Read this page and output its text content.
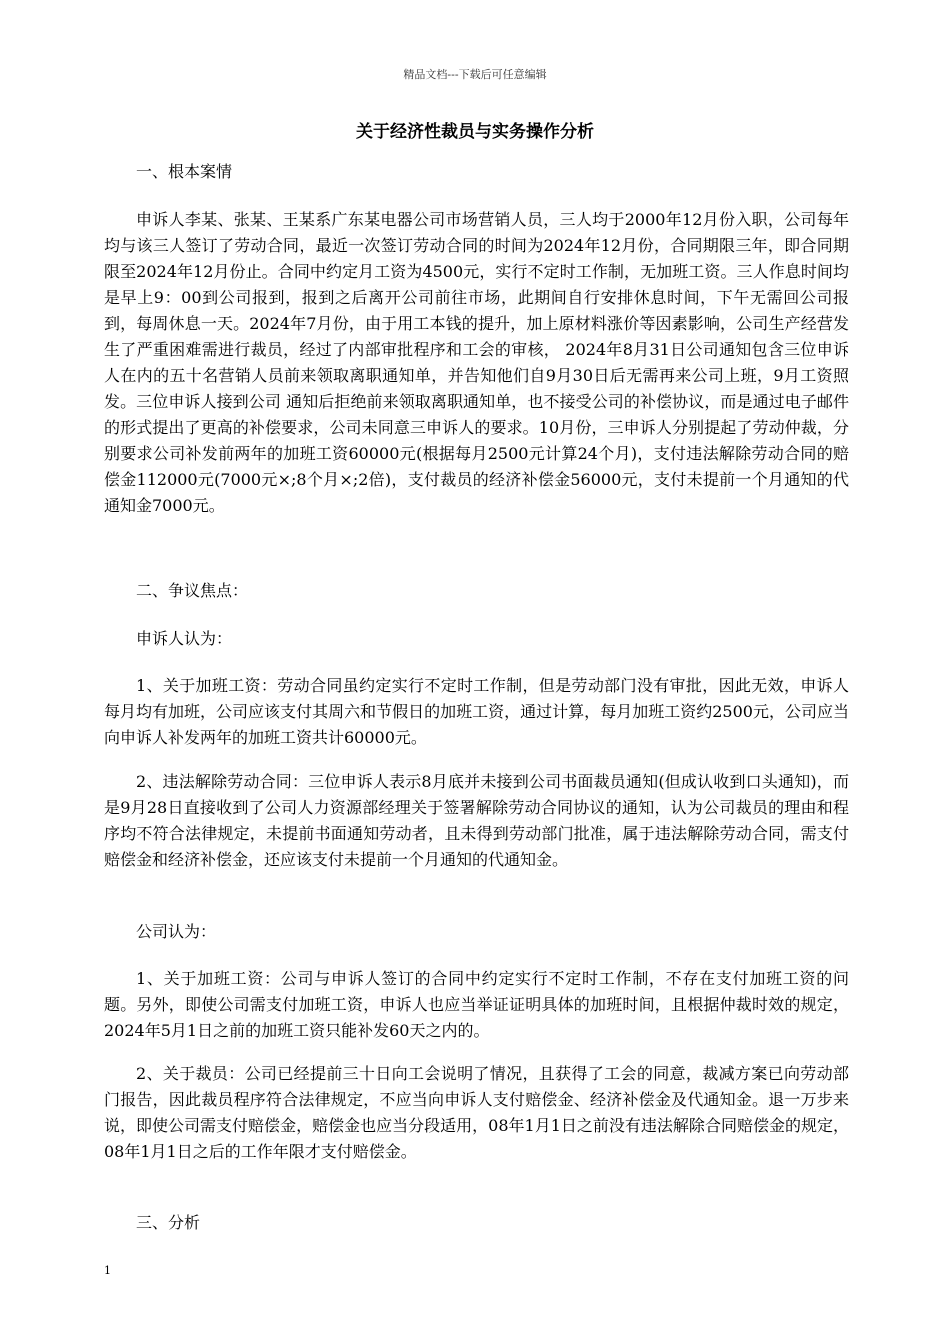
精品文档---下载后可任意编辑
关于经济性裁员与实务操作分析

一、根本案情

申诉人李某、张某、王某系广东某电器公司市场营销人员，三人均于2000年12月份入职，公司每年均与该三人签订了劳动合同，最近一次签订劳动合同的时间为2024年12月份，合同期限三年，即合同期限至2024年12月份止。合同中约定月工资为4500元，实行不定时工作制，无加班工资。三人作息时间均是早上9：00到公司报到，报到之后离开公司前往市场，此期间自行安排休息时间，下午无需回公司报到，每周休息一天。2024年7月份，由于用工本钱的提升，加上原材料涨价等因素影响，公司生产经营发生了严重困难需进行裁员，经过了内部审批程序和工会的审核， 2024年8月31日公司通知包含三位申诉人在内的五十名营销人员前来领取离职通知单，并告知他们自9月30日后无需再来公司上班，9月工资照发。三位申诉人接到公司 通知后拒绝前来领取离职通知单，也不接受公司的补偿协议，而是通过电子邮件的形式提出了更高的补偿要求，公司未同意三申诉人的要求。10月份，三申诉人分别提起了劳动仲裁，分别要求公司补发前两年的加班工资60000元(根据每月2500元计算24个月)，支付违法解除劳动合同的赔偿金112000元(7000元×;8个月×;2倍)，支付裁员的经济补偿金56000元，支付未提前一个月通知的代通知金7000元。

二、争议焦点：

申诉人认为：

1、关于加班工资：劳动合同虽约定实行不定时工作制，但是劳动部门没有审批，因此无效，申诉人每月均有加班，公司应该支付其周六和节假日的加班工资，通过计算，每月加班工资约2500元，公司应当向申诉人补发两年的加班工资共计60000元。

2、违法解除劳动合同：三位申诉人表示8月底并未接到公司书面裁员通知(但成认收到口头通知)，而是9月28日直接收到了公司人力资源部经理关于签署解除劳动合同协议的通知，认为公司裁员的理由和程序均不符合法律规定，未提前书面通知劳动者，且未得到劳动部门批准，属于违法解除劳动合同，需支付赔偿金和经济补偿金，还应该支付未提前一个月通知的代通知金。

公司认为：

1、关于加班工资：公司与申诉人签订的合同中约定实行不定时工作制，不存在支付加班工资的问题。另外，即使公司需支付加班工资，申诉人也应当举证证明具体的加班时间，且根据仲裁时效的规定，2024年5月1日之前的加班工资只能补发60天之内的。

2、关于裁员：公司已经提前三十日向工会说明了情况，且获得了工会的同意，裁减方案已向劳动部门报告，因此裁员程序符合法律规定，不应当向申诉人支付赔偿金、经济补偿金及代通知金。退一万步来说，即使公司需支付赔偿金，赔偿金也应当分段适用，08年1月1日之前没有违法解除合同赔偿金的规定，08年1月1日之后的工作年限才支付赔偿金。

三、分析

1
